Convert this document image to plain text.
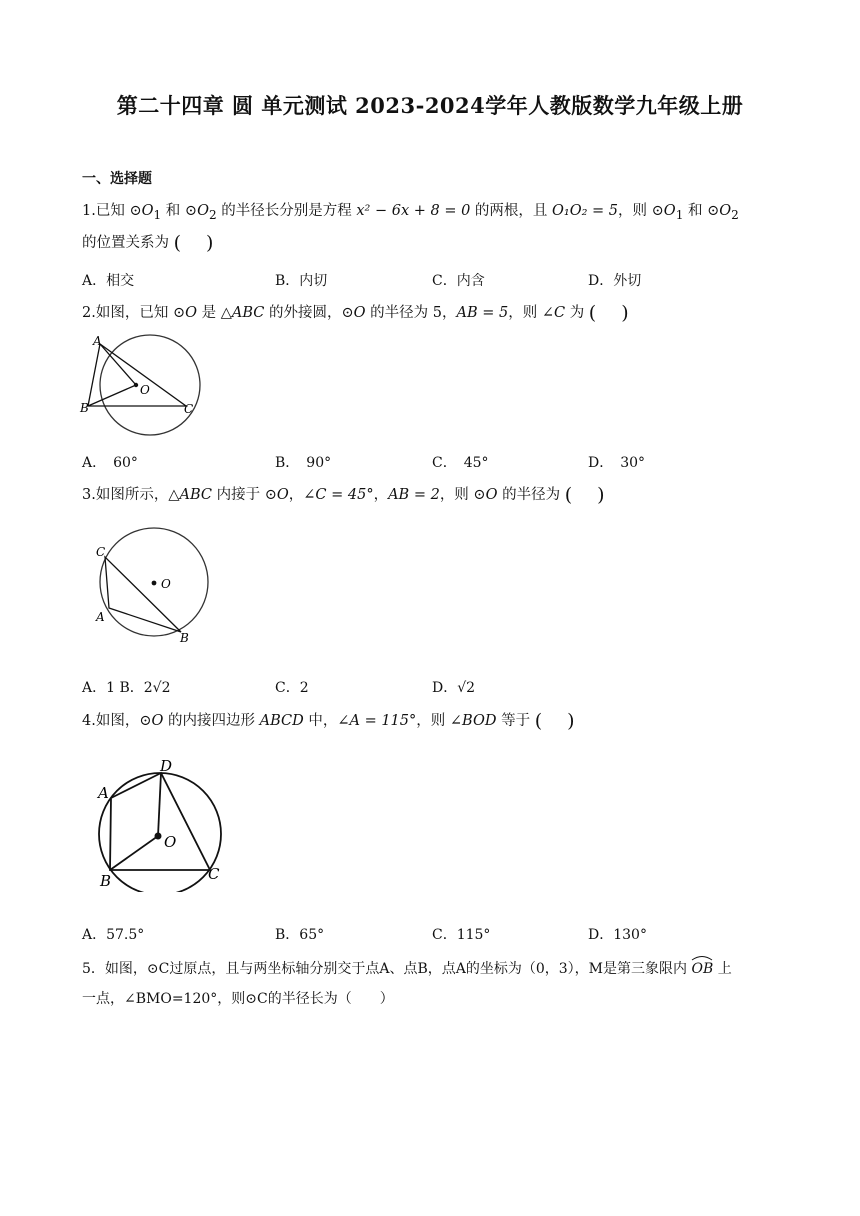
第二十四章 圆 单元测试 2023-2024学年人教版数学九年级上册
一、选择题
1.已知 $⊙O_1$ 和 $⊙O_2$ 的半径长分别是方程 x² − 6x + 8 = 0 的两根，且 O₁O₂ = 5，则 $⊙O_1$ 和 $⊙O_2$
的位置关系为 (　 )
A．相交	B．内切	C．内含	D．外切
2.如图，已知 ⊙O 是 △ABC 的外接圆，⊙O 的半径为 5，AB = 5，则 ∠C 为 (　 )
A
B	C
O
A．　60°	B．　90°	C．　45°	D．　30°
3.如图所示，△ABC 内接于 ⊙O，∠C = 45°，AB = 2，则 ⊙O 的半径为 (　 )
C
O
A
B
A．1 B．2√2	C．2	D．√2
4.如图，⊙O 的内接四边形 ABCD 中，∠A = 115°，则 ∠BOD 等于 (　 )
D
A
O
B	C
A．57.5°	B．65°	C．115°	D．130°
5．如图，⊙C过原点，且与两坐标轴分别交于点A、点B，点A的坐标为（0，3），M是第三象限内 OB 上
一点，∠BMO=120°，则⊙C的半径长为（　　）
